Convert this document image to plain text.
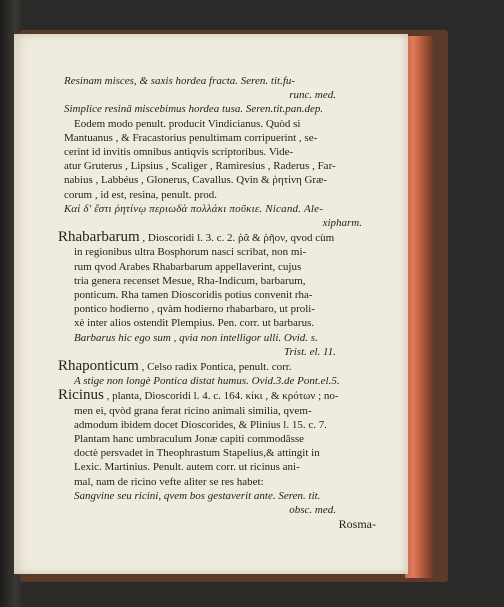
Resinam misces, & saxis hordea fracta. Seren. tit.fu-

runc. med.

Simplice resinā miscebimus hordea tusa. Seren.tit.pan.dep.

Eodem modo penult. producit Vindicianus. Quòd si

Mantuanus , & Fracastorius penultimam corripuerint , se-

cerint id invitis omnibus antiqvis scriptoribus. Vide-

atur Gruterus , Lipsius , Scaliger , Ramiresius , Raderus , Far-

nabius , Labbéus , Glonerus, Cavallus. Qvin & ῥητίνη Græ-

corum , id est, resina, penult. prod.

Καὶ δ' ἔστι ῥητίνῳ περιωδὰ πολλάκι ποῦκιε. Nicand. Ale-

xipharm.

Rhabarbarum , Dioscoridi l. 3. c. 2. ῥᾶ & ῥῆον, qvod cùm

in regionibus ultra Bosphorum nasci scribat, non mi-

rum qvod Arabes Rhabarbarum appellaverint, cujus

tria genera recenset Mesue, Rha-Indicum, barbarum,

ponticum. Rha tamen Dioscoridis potius convenit rha-

pontico hodierno , qvàm hodierno rhabarbaro, ut proli-

xè inter alios ostendit Plempius. Pen. corr. ut barbarus.

Barbarus hic ego sum , qvia non intelligor ulli. Ovid. s.

Trist. el. 11.

Rhaponticum , Celso radix Pontica, penult. corr.

A stige non longè Pontica distat humus. Ovid.3.de Pont.el.5.

Ricinus , planta, Dioscoridi l. 4. c. 164. κίκι , & κρότων ; no-

men ei, qvòd grana ferat ricino animali similia, qvem-

admodum ibidem docet Dioscorides, & Plinius l. 15. c. 7.

Plantam hanc umbraculum Jonæ capiti commodâsse

doctè persvadet in Theophrastum Stapelius,& attingit in

Lexic. Martinius. Penult. autem corr. ut ricinus ani-

mal, nam de ricino vefte aliter se res habet:

Sangvine seu ricini, qvem bos gestaverit ante. Seren. tit.

obsc. med.

Rosma-
